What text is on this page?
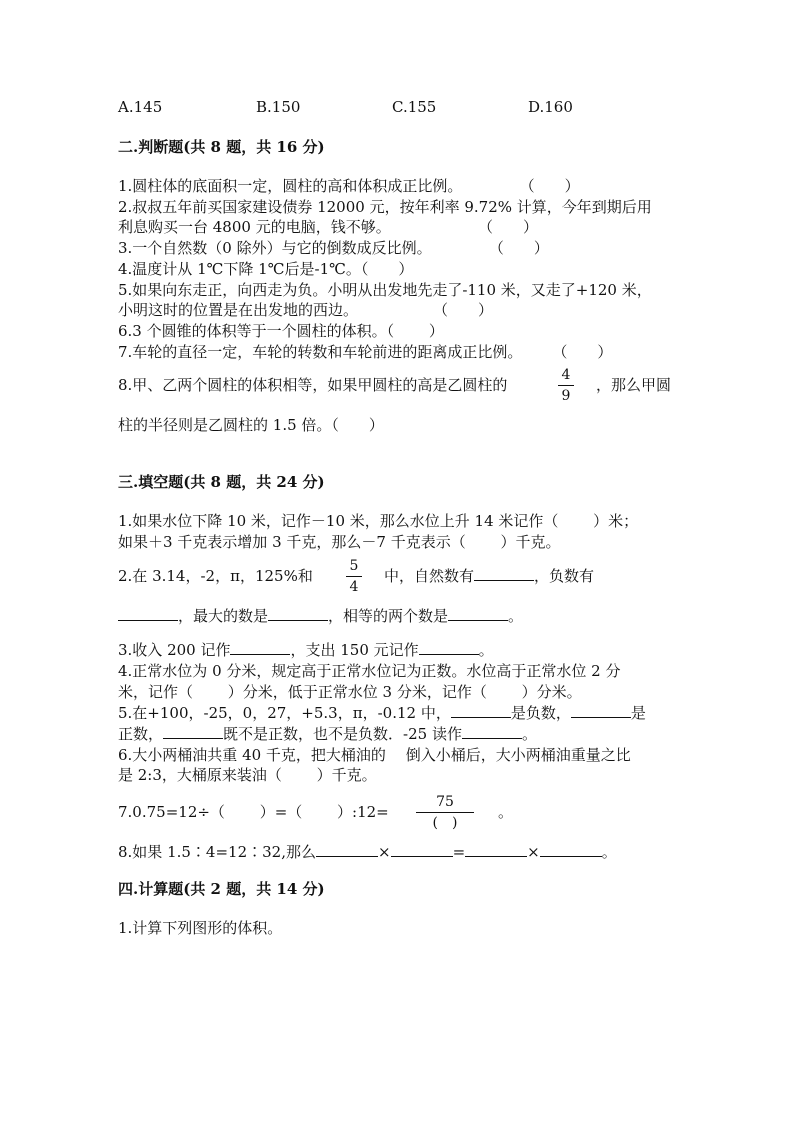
A.145	B.150	C.155	D.160
二.判断题(共 8 题，共 16 分)
1.圆柱体的底面积一定，圆柱的高和体积成正比例。　　　　 （　　）
2.叔叔五年前买国家建设债券 12000 元，按年利率 9.72% 计算，今年到期后用
利息购买一台 4800 元的电脑，钱不够。　　　　　　 （　　）
3.一个自然数（0 除外）与它的倒数成反比例。　　　　 （　　）
4.温度计从 1℃下降 1℃后是-1℃。（　　）
5.如果向东走正，向西走为负。小明从出发地先走了-110 米，又走了+120 米，
小明这时的位置是在出发地的西边。　　　　　　（　　）
6.3 个圆锥的体积等于一个圆柱的体积。（　　 ）
7.车轮的直径一定，车轮的转数和车轮前进的距离成正比例。　　　（　　）
8.甲、乙两个圆柱的体积相等，如果甲圆柱的高是乙圆柱的
4
9
，那么甲圆
柱的半径则是乙圆柱的 1.5 倍。（　　）
三.填空题(共 8 题，共 24 分)
1.如果水位下降 10 米，记作－10 米，那么水位上升 14 米记作（　　 ）米；
如果＋3 千克表示增加 3 千克，那么－7 千克表示（　　 ）千克。
2.在 3.14，-2，π，125%和
5
4
中，自然数有	，负数有
，最大的数是	，相等的两个数是	。
3.收入 200 记作	，支出 150 元记作	。
4.正常水位为 0 分米，规定高于正常水位记为正数。水位高于正常水位 2 分
米，记作（　　 ）分米，低于正常水位 3 分米，记作（　　 ）分米。
5.在+100，-25，0，27，+5.3，π，-0.12 中，	是负数，	是
正数，	既不是正数，也不是负数．-25 读作	。
6.大小两桶油共重 40 千克，把大桶油的　 倒入小桶后，大小两桶油重量之比
是 2:3，大桶原来装油（　　 ）千克。
7.0.75=12÷（　　 ）=（　　 ）:12=
75
(　)
。
8.如果 1.5∶4=12∶32,那么	×	=	×	。
四.计算题(共 2 题，共 14 分)
1.计算下列图形的体积。
